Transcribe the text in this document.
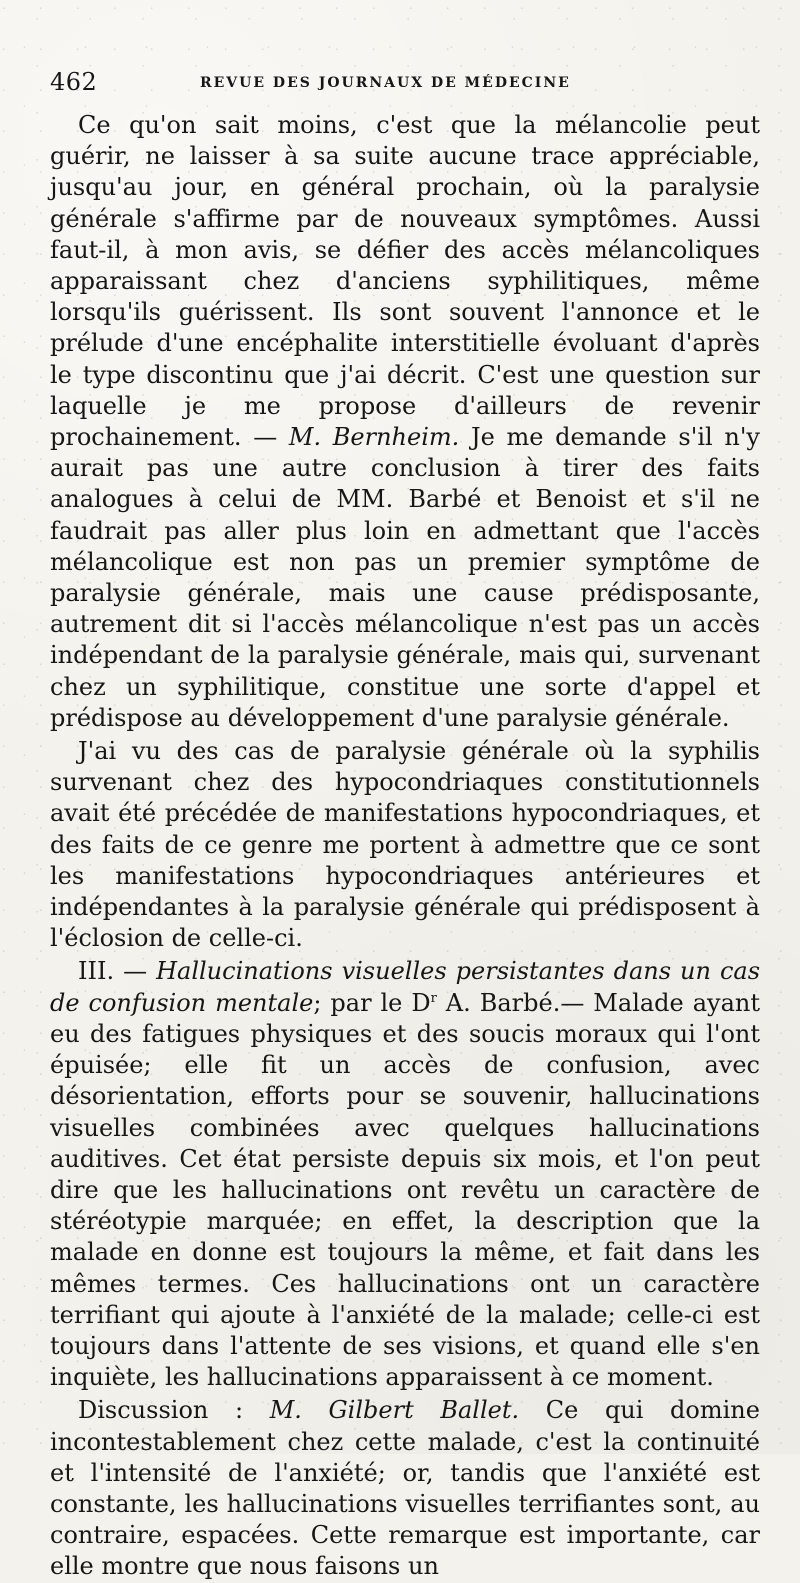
462	REVUE DES JOURNAUX DE MÉDECINE

Ce qu'on sait moins, c'est que la mélancolie peut guérir, ne laisser à sa suite aucune trace appréciable, jusqu'au jour, en général prochain, où la paralysie générale s'affirme par de nouveaux symptômes. Aussi faut-il, à mon avis, se défier des accès mélancoliques apparaissant chez d'anciens syphilitiques, même lorsqu'ils guérissent. Ils sont souvent l'annonce et le prélude d'une encéphalite interstitielle évoluant d'après le type discontinu que j'ai décrit. C'est une question sur laquelle je me propose d'ailleurs de revenir prochainement. — M. Bernheim. Je me demande s'il n'y aurait pas une autre conclusion à tirer des faits analogues à celui de MM. Barbé et Benoist et s'il ne faudrait pas aller plus loin en admettant que l'accès mélancolique est non pas un premier symptôme de paralysie générale, mais une cause prédisposante, autrement dit si l'accès mélancolique n'est pas un accès indépendant de la paralysie générale, mais qui, survenant chez un syphilitique, constitue une sorte d'appel et prédispose au développement d'une paralysie générale.

J'ai vu des cas de paralysie générale où la syphilis survenant chez des hypocondriaques constitutionnels avait été précédée de manifestations hypocondriaques, et des faits de ce genre me portent à admettre que ce sont les manifestations hypocondriaques antérieures et indépendantes à la paralysie générale qui prédisposent à l'éclosion de celle-ci.

III. — Hallucinations visuelles persistantes dans un cas de confusion mentale; par le $D^r$ A. Barbé.— Malade ayant eu des fatigues physiques et des soucis moraux qui l'ont épuisée; elle fit un accès de confusion, avec désorientation, efforts pour se souvenir, hallucinations visuelles combinées avec quelques hallucinations auditives. Cet état persiste depuis six mois, et l'on peut dire que les hallucinations ont revêtu un caractère de stéréotypie marquée; en effet, la description que la malade en donne est toujours la même, et fait dans les mêmes termes. Ces hallucinations ont un caractère terrifiant qui ajoute à l'anxiété de la malade; celle-ci est toujours dans l'attente de ses visions, et quand elle s'en inquiète, les hallucinations apparaissent à ce moment.

Discussion : M. Gilbert Ballet. Ce qui domine incontestablement chez cette malade, c'est la continuité et l'intensité de l'anxiété; or, tandis que l'anxiété est constante, les hallucinations visuelles terrifiantes sont, au contraire, espacées. Cette remarque est importante, car elle montre que nous faisons un
